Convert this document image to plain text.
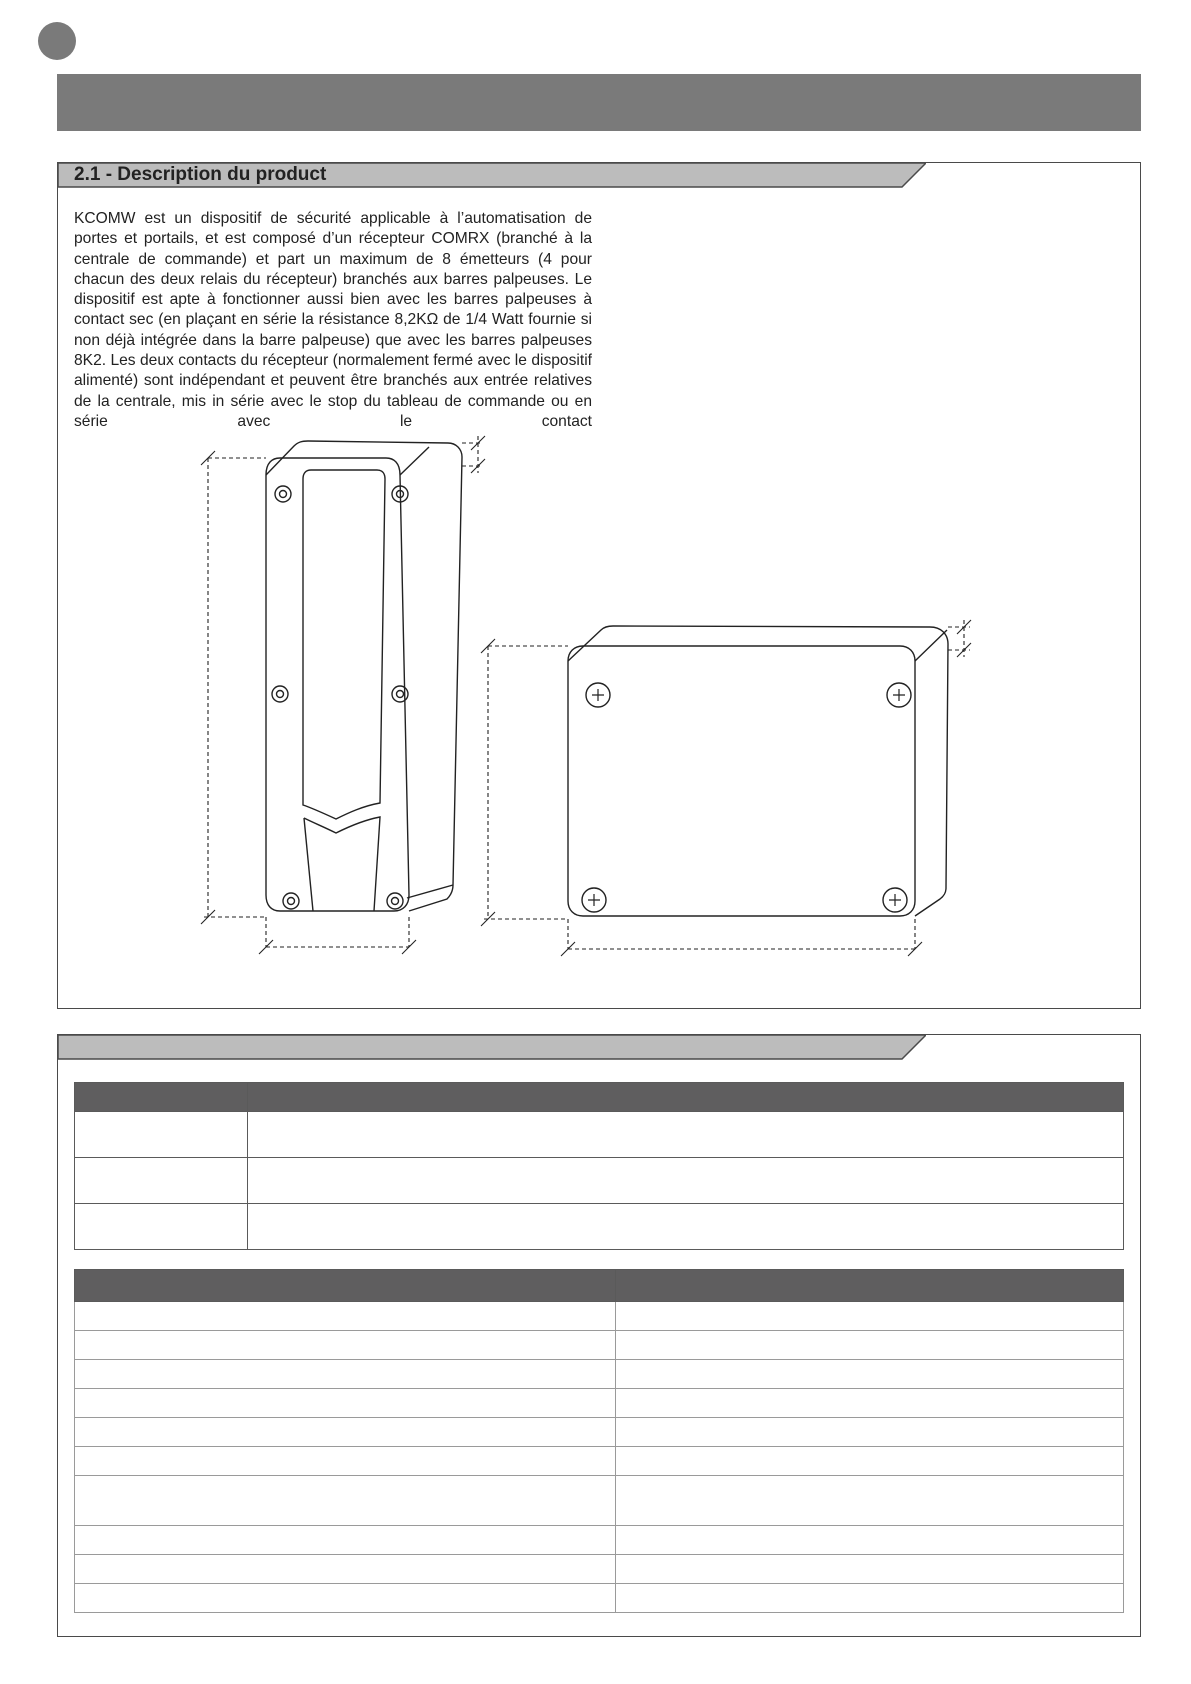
2.1 - Description du product

KCOMW est un dispositif de sécurité applicable à l’automatisation de portes et portails, et est composé d’un récepteur COMRX (branché à la centrale de commande) et part un maximum de 8 émetteurs (4 pour chacun des deux relais du récepteur) branchés aux barres palpeuses. Le dispositif est apte à fonctionner aussi bien avec les barres palpeuses à contact sec (en plaçant en série la résistance 8,2KΩ de 1/4 Watt fournie si non déjà intégrée dans la barre palpeuse) que avec les barres palpeuses 8K2. Les deux contacts du récepteur (normalement fermé avec le dispositif alimenté) sont indépendant et peuvent être branchés aux entrée relatives de la centrale, mis in série avec le stop du tableau de commande ou en série avec le contact
